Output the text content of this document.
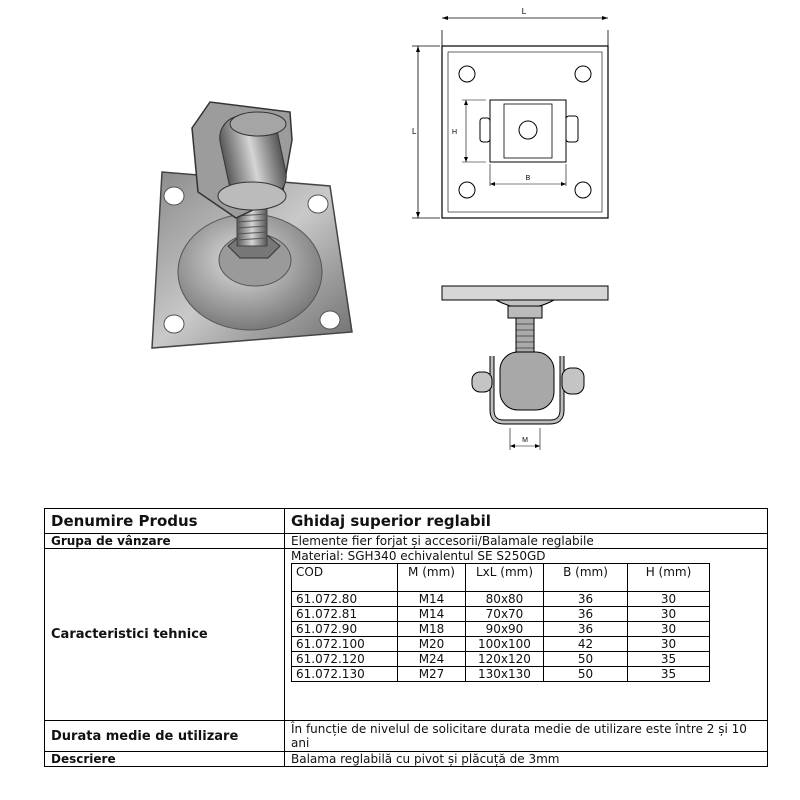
L
L	H
B
M
Denumire Produs	Ghidaj superior reglabil
Grupa de vânzare	Elemente fier forjat și accesorii/Balamale reglabile
Caracteristici tehnice	
Material: SGH340 echivalentul SE S250GD
COD	M (mm)	LxL (mm)	B (mm)	H (mm)
61.072.80	M14	80x80	36	30
61.072.81	M14	70x70	36	30
61.072.90	M18	90x90	36	30
61.072.100	M20	100x100	42	30
61.072.120	M24	120x120	50	35
61.072.130	M27	130x130	50	35

Durata medie de utilizare	În funcție de nivelul de solicitare durata medie de utilizare este între 2 și 10 ani
Descriere	Balama reglabilă cu pivot și plăcuță de 3mm
